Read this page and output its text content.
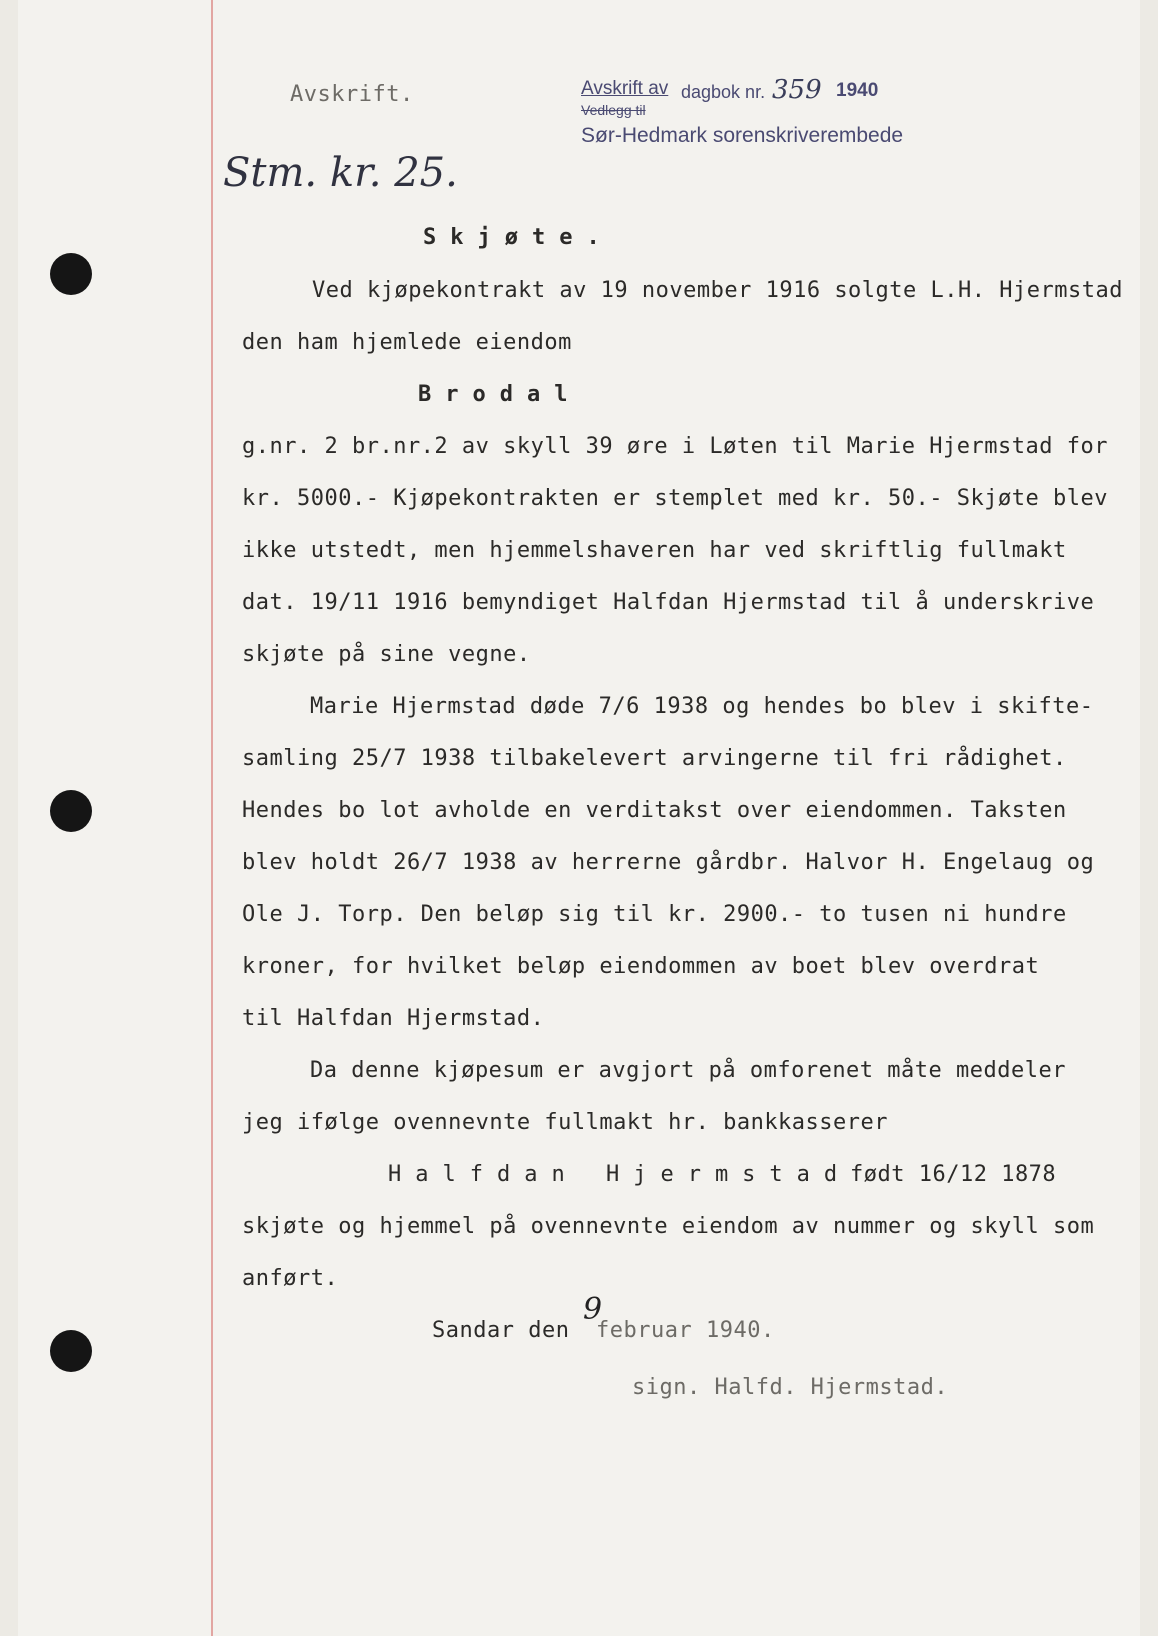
Avskrift.	Avskrift av dagbok nr. 359 1940
Vedlegg til
Sør-Hedmark sorenskriverembede
Stm. kr. 25.
Skjøte.
Ved kjøpekontrakt av 19 november 1916 solgte L.H. Hjermstad
den ham hjemlede eiendom
Brodal
g.nr. 2 br.nr.2 av skyll 39 øre i Løten til Marie Hjermstad for
kr. 5000.- Kjøpekontrakten er stemplet med kr. 50.- Skjøte blev
ikke utstedt, men hjemmelshaveren har ved skriftlig fullmakt
dat. 19/11 1916 bemyndiget Halfdan Hjermstad til å underskrive
skjøte på sine vegne.
Marie Hjermstad døde 7/6 1938 og hendes bo blev i skifte-
samling 25/7 1938 tilbakelevert arvingerne til fri rådighet.
Hendes bo lot avholde en verditakst over eiendommen. Taksten
blev holdt 26/7 1938 av herrerne gårdbr. Halvor H. Engelaug og
Ole J. Torp. Den beløp sig til kr. 2900.- to tusen ni hundre
kroner, for hvilket beløp eiendommen av boet blev overdrat
til Halfdan Hjermstad.
Da denne kjøpesum er avgjort på omforenet måte meddeler
jeg ifølge ovennevnte fullmakt hr. bankkasserer
Halfdan Hjermstad
født 16/12 1878
skjøte og hjemmel på ovennevnte eiendom av nummer og skyll som
anført.
Sandar den
9
februar 1940.
sign. Halfd. Hjermstad.
